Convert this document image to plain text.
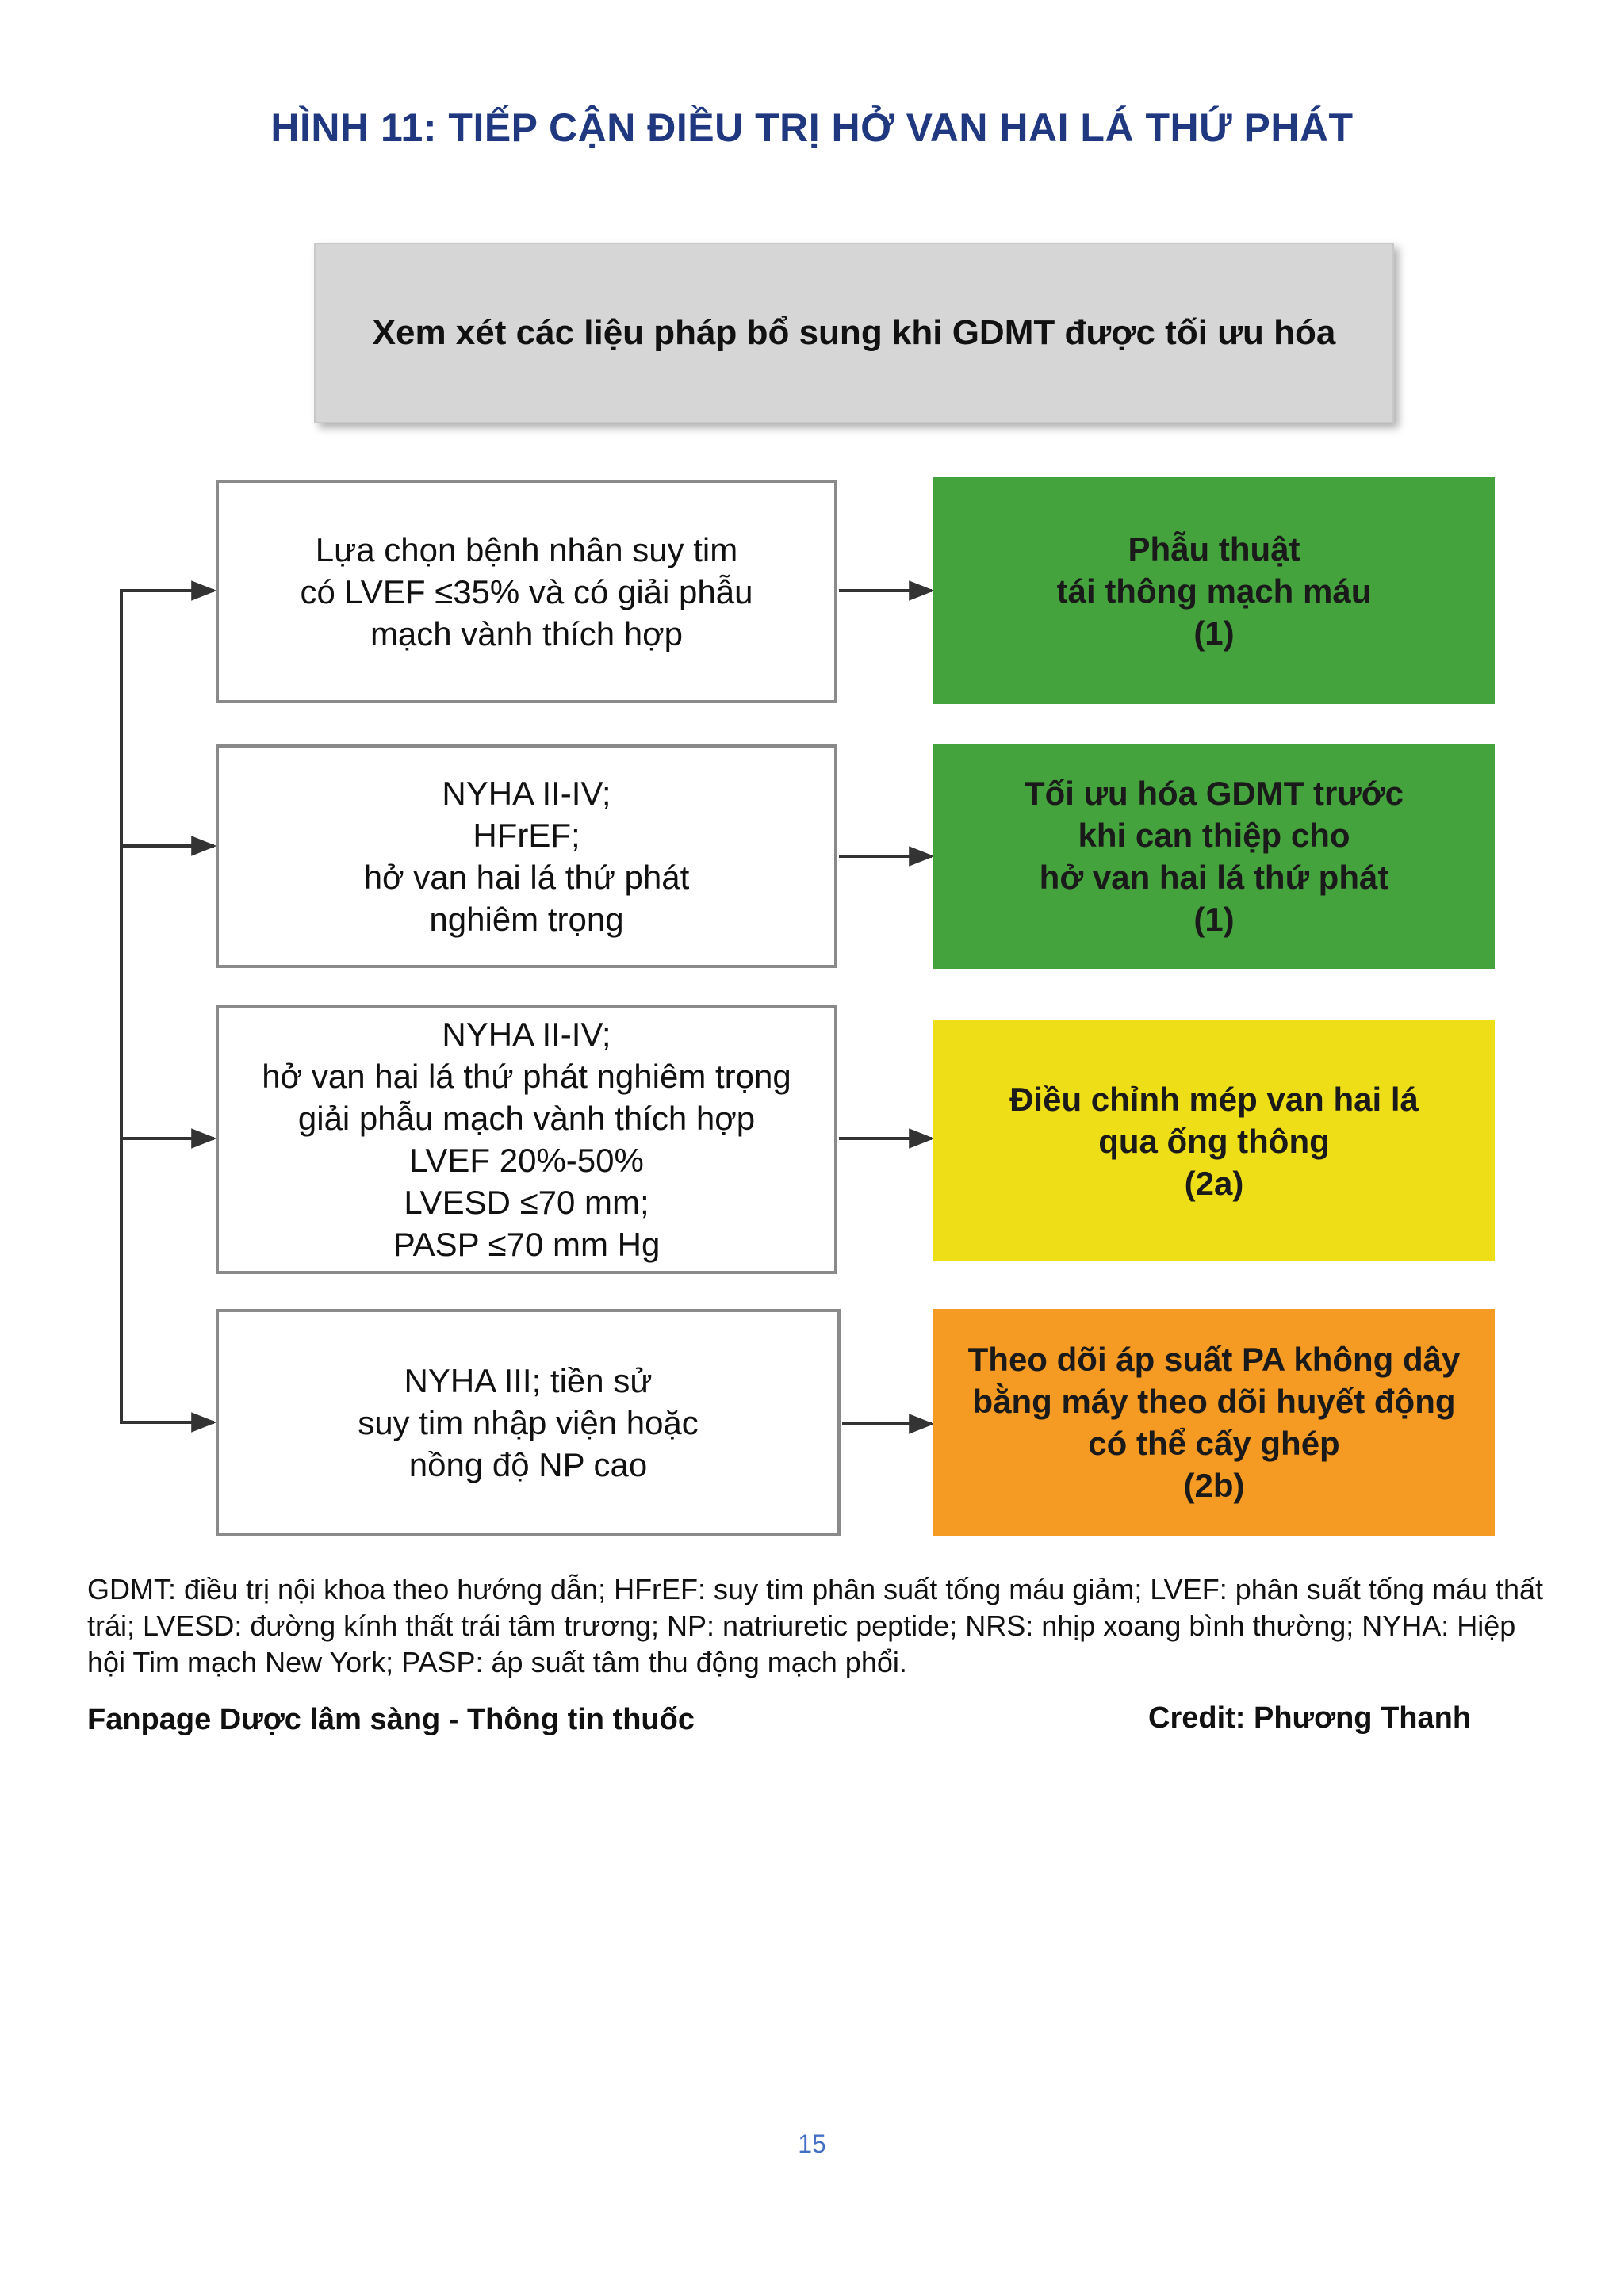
HÌNH 11: TIẾP CẬN ĐIỀU TRỊ HỞ VAN HAI LÁ THỨ PHÁT
Xem xét các liệu pháp bổ sung khi GDMT được tối ưu hóa
Lựa chọn bệnh nhân suy tim
có LVEF ≤35% và có giải phẫu
mạch vành thích hợp
Phẫu thuật
tái thông mạch máu
(1)
NYHA II-IV;
HFrEF;
hở van hai lá thứ phát
nghiêm trọng
Tối ưu hóa GDMT trước
khi can thiệp cho
hở van hai lá thứ phát
(1)
NYHA II-IV;
hở van hai lá thứ phát nghiêm trọng
giải phẫu mạch vành thích hợp
LVEF 20%-50%
LVESD ≤70 mm;
PASP ≤70 mm Hg
Điều chỉnh mép van hai lá
qua ống thông
(2a)
NYHA III; tiền sử
suy tim nhập viện hoặc
nồng độ NP cao
Theo dõi áp suất PA không dây
bằng máy theo dõi huyết động
có thể cấy ghép
(2b)
GDMT: điều trị nội khoa theo hướng dẫn; HFrEF: suy tim phân suất tống máu giảm; LVEF: phân suất tống máu thất trái; LVESD: đường kính thất trái tâm trương; NP: natriuretic peptide; NRS: nhịp xoang bình thường; NYHA: Hiệp hội Tim mạch New York; PASP: áp suất tâm thu động mạch phổi.
Fanpage Dược lâm sàng - Thông tin thuốc	Credit: Phương Thanh
15
